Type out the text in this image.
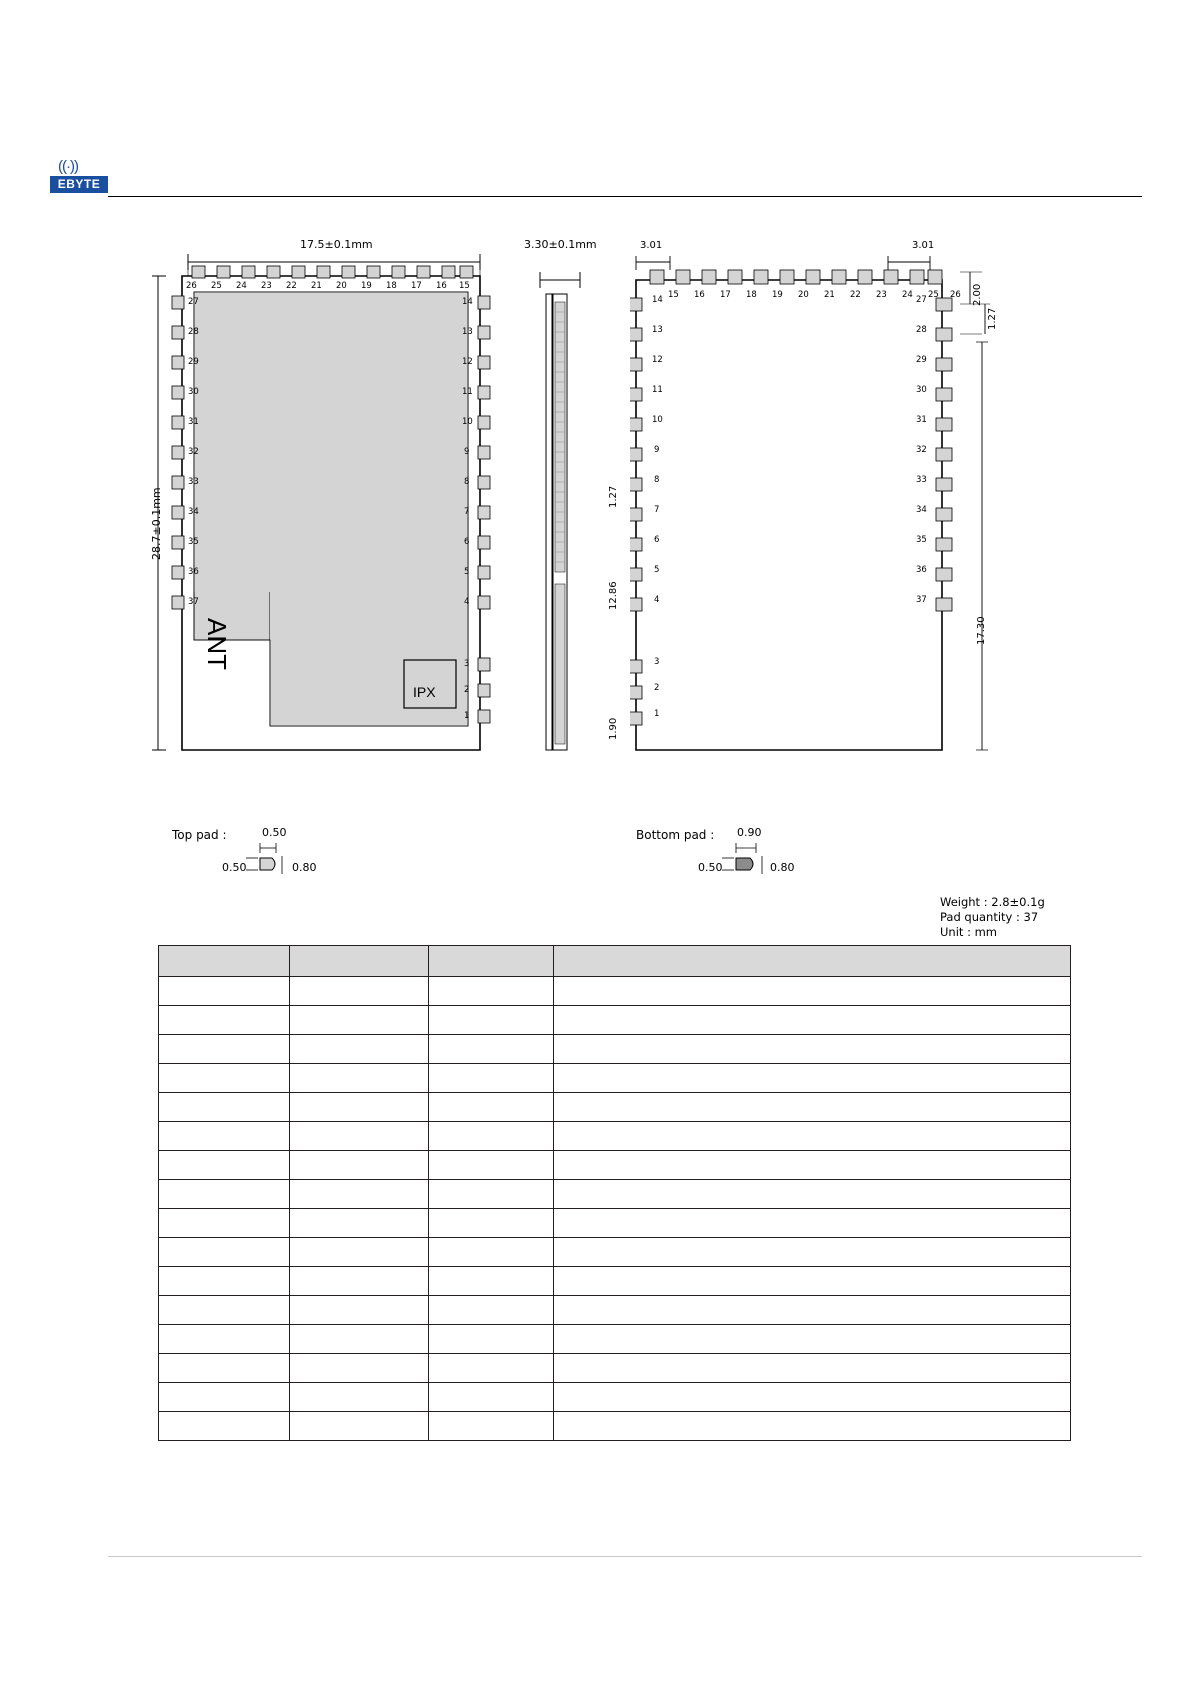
((·))
EBYTE
17.5±0.1mm
28.7±0.1mm
26 25 24 23 22 21 20 19 18 17 16 15
27
28
29
30
31
32
33
34
35
36
37
14
13
12
11
10
9
8
7
6
5
4
3
2
1
ANT
IPX
3.30±0.1mm	3.01	3.01
2.00
1.27
1.27
12.86
1.90
17.30
15 16 17 18 19 20 21 22 23 24 25 26
14
13
12
11
10
9
8
7
6
5
4
3
2
1
27
28
29
30
31
32
33
34
35
36
37
Top pad :	0.50
0.50	0.80
Bottom pad : 0.90
0.50	0.80
Weight : 2.8±0.1g
Pad quantity : 37
Unit : mm
